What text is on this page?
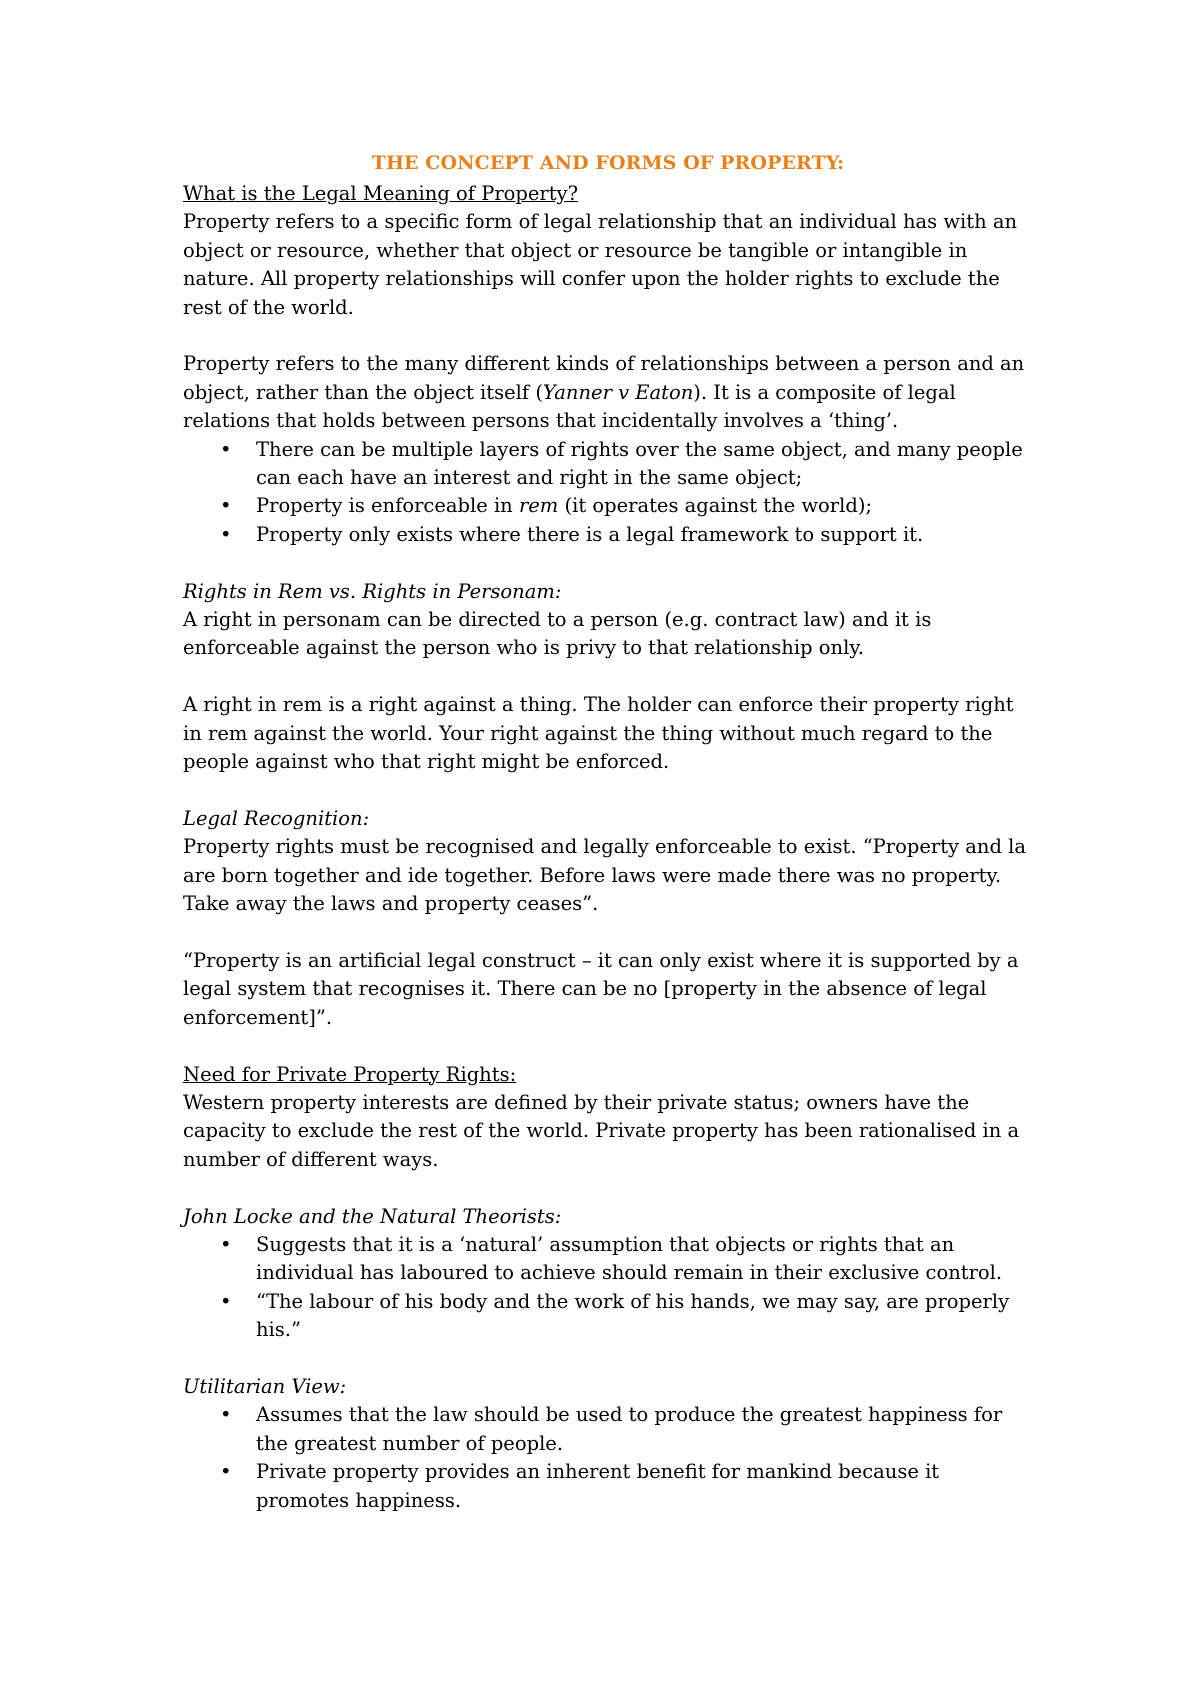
THE CONCEPT AND FORMS OF PROPERTY:

What is the Legal Meaning of Property?

Property refers to a specific form of legal relationship that an individual has with an object or resource, whether that object or resource be tangible or intangible in nature. All property relationships will confer upon the holder rights to exclude the rest of the world.

Property refers to the many different kinds of relationships between a person and an object, rather than the object itself (Yanner v Eaton). It is a composite of legal relations that holds between persons that incidentally involves a ‘thing’.

• There can be multiple layers of rights over the same object, and many people can each have an interest and right in the same object;
• Property is enforceable in rem (it operates against the world);
• Property only exists where there is a legal framework to support it.

Rights in Rem vs. Rights in Personam:

A right in personam can be directed to a person (e.g. contract law) and it is enforceable against the person who is privy to that relationship only.

A right in rem is a right against a thing. The holder can enforce their property right in rem against the world. Your right against the thing without much regard to the people against who that right might be enforced.

Legal Recognition:

Property rights must be recognised and legally enforceable to exist. “Property and la are born together and ide together. Before laws were made there was no property. Take away the laws and property ceases”.

“Property is an artificial legal construct – it can only exist where it is supported by a legal system that recognises it. There can be no [property in the absence of legal enforcement]”.

Need for Private Property Rights:

Western property interests are defined by their private status; owners have the capacity to exclude the rest of the world. Private property has been rationalised in a number of different ways.

John Locke and the Natural Theorists:

• Suggests that it is a ‘natural’ assumption that objects or rights that an individual has laboured to achieve should remain in their exclusive control.
• “The labour of his body and the work of his hands, we may say, are properly his.”

Utilitarian View:

• Assumes that the law should be used to produce the greatest happiness for the greatest number of people.
• Private property provides an inherent benefit for mankind because it promotes happiness.
